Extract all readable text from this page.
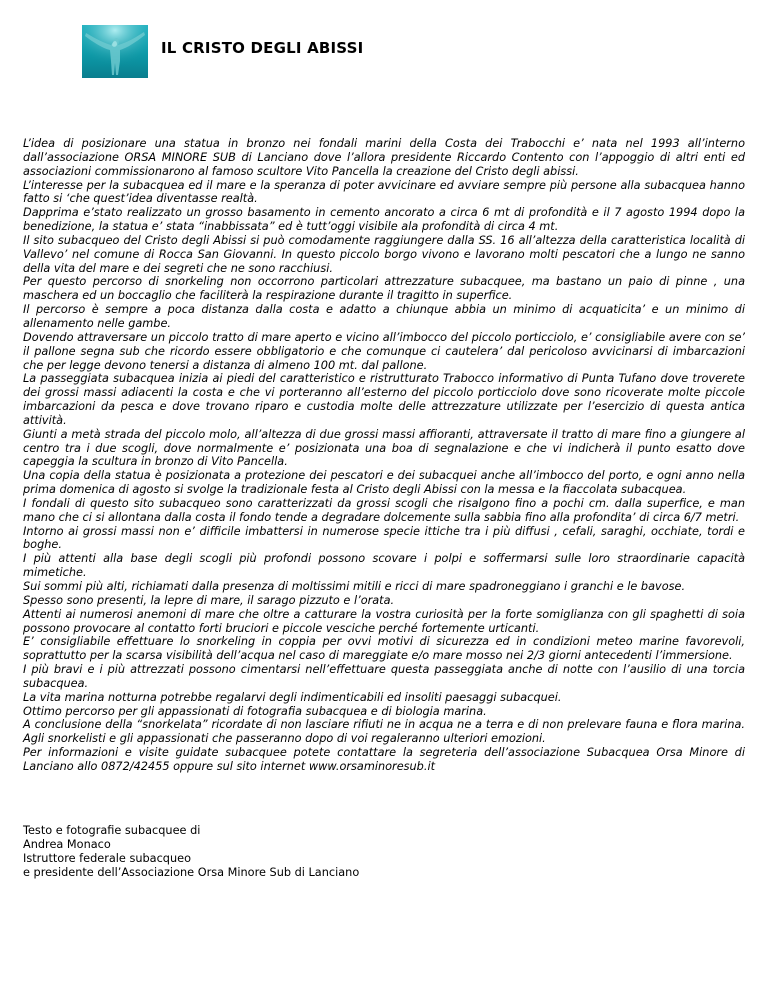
IL CRISTO DEGLI ABISSI

L’idea di posizionare una statua in bronzo nei fondali marini della Costa dei Trabocchi e’ nata nel 1993 all’interno dall’associazione ORSA MINORE SUB di Lanciano dove l’allora presidente Riccardo Contento con l’appoggio di altri enti ed associazioni commissionarono al famoso scultore Vito Pancella la creazione del Cristo degli abissi.

L’interesse per la subacquea ed il mare e la speranza di poter avvicinare ed avviare sempre più persone alla subacquea hanno fatto si ‘che quest’idea diventasse realtà.

Dapprima e’stato realizzato un grosso basamento in cemento ancorato a circa 6 mt di profondità e il 7 agosto 1994 dopo la benedizione, la statua e’ stata “inabbissata” ed è tutt’oggi visibile ala profondità di circa 4 mt.

Il sito subacqueo del Cristo degli Abissi si può comodamente raggiungere dalla SS. 16 all’altezza della caratteristica località di Vallevo’ nel comune di Rocca San Giovanni. In questo piccolo borgo vivono e lavorano molti pescatori che a lungo ne sanno della vita del mare e dei segreti che ne sono racchiusi.

Per questo percorso di snorkeling non occorrono particolari attrezzature subacquee, ma bastano un paio di pinne , una maschera ed un boccaglio che faciliterà la respirazione durante il tragitto in superfice.

Il percorso è sempre a poca distanza dalla costa e adatto a chiunque abbia un minimo di acquaticita’ e un minimo di allenamento nelle gambe.

Dovendo attraversare un piccolo tratto di mare aperto e vicino all’imbocco del piccolo porticciolo, e’ consigliabile avere con se’ il pallone segna sub che ricordo essere obbligatorio e che comunque ci cautelera’ dal pericoloso avvicinarsi di imbarcazioni che per legge devono tenersi a distanza di almeno 100 mt. dal pallone.

La passeggiata subacquea inizia ai piedi del caratteristico e ristrutturato Trabocco informativo di Punta Tufano dove troverete dei grossi massi adiacenti la costa e che vi porteranno all’esterno del piccolo porticciolo dove sono ricoverate molte piccole imbarcazioni da pesca e dove trovano riparo e custodia molte delle attrezzature utilizzate per l’esercizio di questa antica attività.

Giunti a metà strada del piccolo molo, all’altezza di due grossi massi affioranti, attraversate il tratto di mare fino a giungere al centro tra i due scogli, dove normalmente e’ posizionata una boa di segnalazione e che vi indicherà il punto esatto dove capeggia la scultura in bronzo di Vito Pancella.

Una copia della statua è posizionata a protezione dei pescatori e dei subacquei anche all’imbocco del porto, e ogni anno nella prima domenica di agosto si svolge la tradizionale festa al Cristo degli Abissi con la messa e la fiaccolata subacquea.

I fondali di questo sito subacqueo sono caratterizzati da grossi scogli che risalgono fino a pochi cm. dalla superfice, e man mano che ci si allontana dalla costa il fondo tende a degradare dolcemente sulla sabbia fino alla profondita’ di circa 6/7 metri.

Intorno ai grossi massi non e’ difficile imbattersi in numerose specie ittiche tra i più diffusi , cefali, saraghi, occhiate, tordi e boghe.

I più attenti alla base degli scogli più profondi possono scovare i polpi e soffermarsi sulle loro straordinarie capacità mimetiche.

Sui sommi più alti, richiamati dalla presenza di moltissimi mitili e ricci di mare spadroneggiano i granchi e le bavose.

Spesso sono presenti, la lepre di mare, il sarago pizzuto e l’orata.

Attenti ai numerosi anemoni di mare che oltre a catturare la vostra curiosità per la forte somiglianza con gli spaghetti di soia possono provocare al contatto forti bruciori e piccole vesciche perché fortemente urticanti.

E’ consigliabile effettuare lo snorkeling in coppia per ovvi motivi di sicurezza ed in condizioni meteo marine favorevoli, soprattutto per la scarsa visibilità dell’acqua nel caso di mareggiate e/o mare mosso nei 2/3 giorni antecedenti l’immersione.

I più bravi e i più attrezzati possono cimentarsi nell’effettuare questa passeggiata anche di notte con l’ausilio di una torcia subacquea.

La vita marina notturna potrebbe regalarvi degli indimenticabili ed insoliti paesaggi subacquei.

Ottimo percorso per gli appassionati di fotografia subacquea e di biologia marina.

A conclusione della “snorkelata” ricordate di non lasciare rifiuti ne in acqua ne a terra e di non prelevare fauna e flora marina. Agli snorkelisti e gli appassionati che passeranno dopo di voi regaleranno ulteriori emozioni.

Per informazioni e visite guidate subacquee potete contattare la segreteria dell’associazione Subacquea Orsa Minore di Lanciano allo 0872/42455 oppure sul sito internet www.orsaminoresub.it

Testo e fotografie subacquee di
Andrea Monaco
Istruttore federale subacqueo
e presidente dell’Associazione Orsa Minore Sub di Lanciano
